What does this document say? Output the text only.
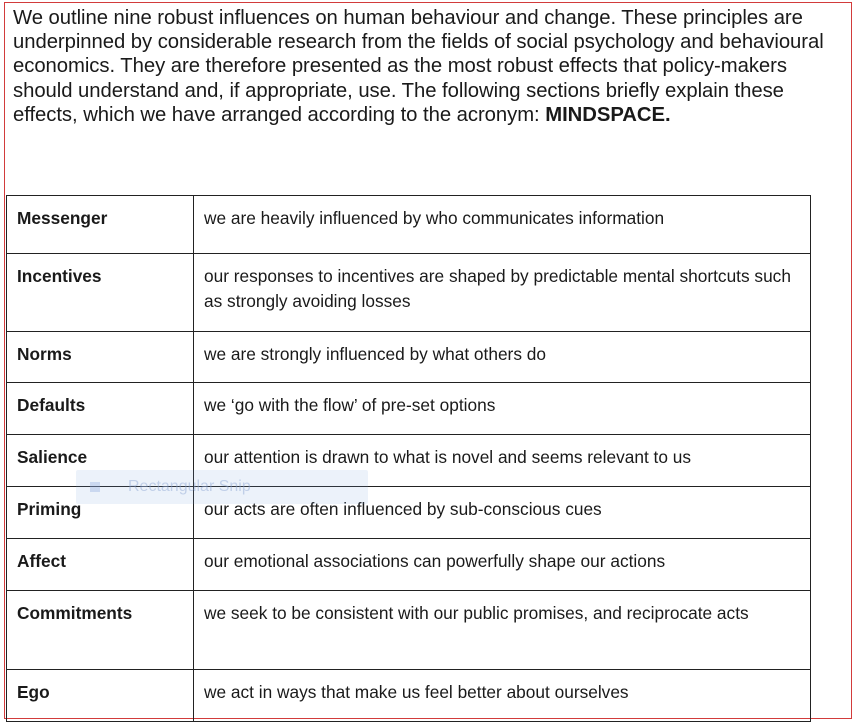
We outline nine robust influences on human behaviour and change. These principles are underpinned by considerable research from the fields of social psychology and behavioural economics. They are therefore presented as the most robust effects that policy-makers should understand and, if appropriate, use. The following sections briefly explain these effects, which we have arranged according to the acronym: MINDSPACE.

Messenger	we are heavily influenced by who communicates information
Incentives	our responses to incentives are shaped by predictable mental shortcuts such as strongly avoiding losses
Norms	we are strongly influenced by what others do
Defaults	we ‘go with the flow’ of pre-set options
Salience	our attention is drawn to what is novel and seems relevant to us
Priming	our acts are often influenced by sub-conscious cues
Affect	our emotional associations can powerfully shape our actions
Commitments	we seek to be consistent with our public promises, and reciprocate acts
Ego	we act in ways that make us feel better about ourselves
Rectangular Snip
